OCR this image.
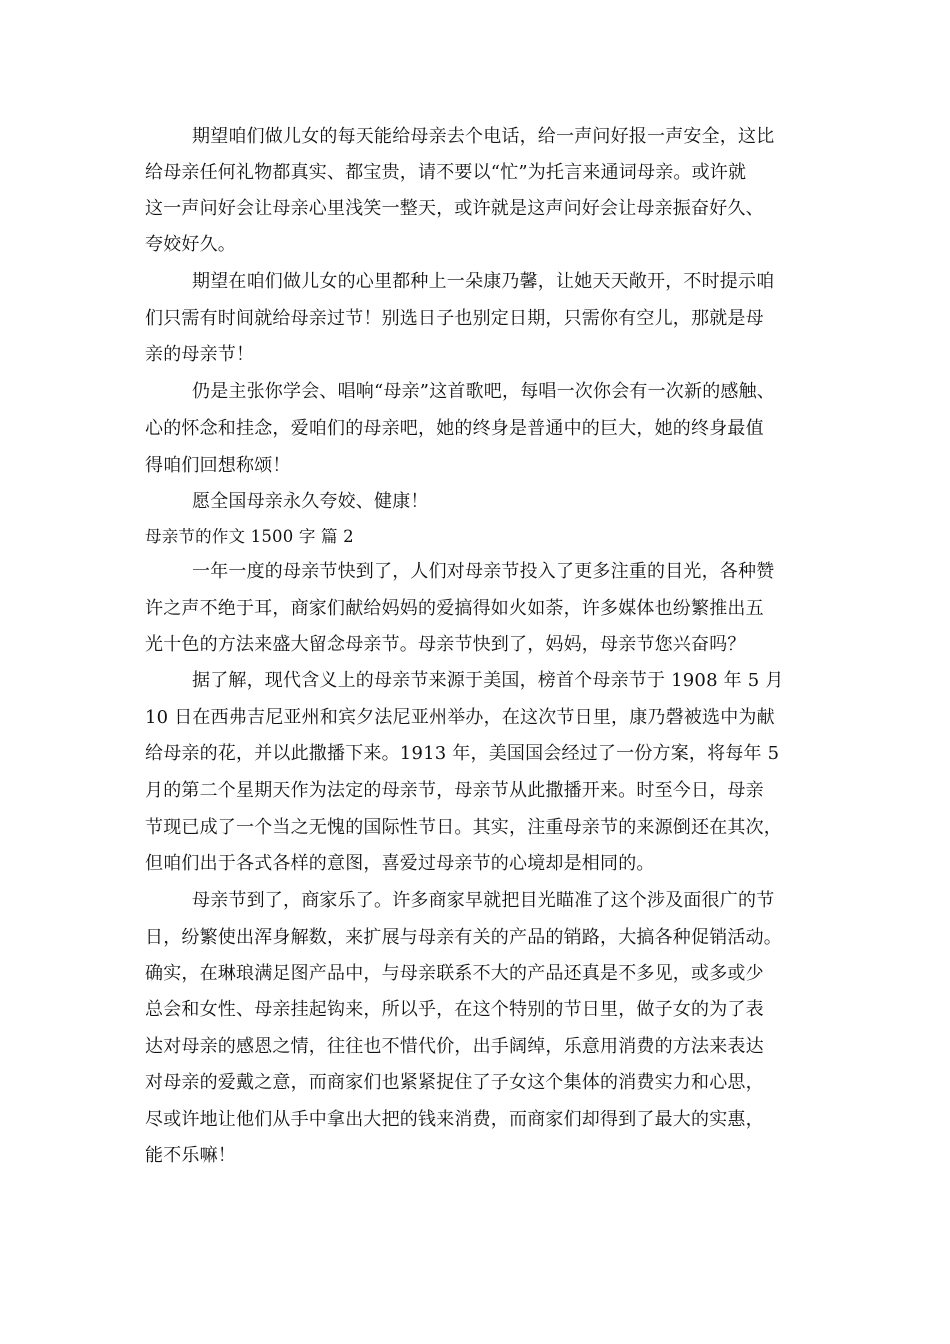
期望咱们做儿女的每天能给母亲去个电话，给一声问好报一声安全，这比
给母亲任何礼物都真实、都宝贵，请不要以“忙”为托言来通词母亲。或许就
这一声问好会让母亲心里浅笑一整天，或许就是这声问好会让母亲振奋好久、
夸姣好久。
期望在咱们做儿女的心里都种上一朵康乃馨，让她天天敞开，不时提示咱
们只需有时间就给母亲过节！别选日子也别定日期，只需你有空儿，那就是母
亲的母亲节！
仍是主张你学会、唱响“母亲”这首歌吧，每唱一次你会有一次新的感触、
心的怀念和挂念，爱咱们的母亲吧，她的终身是普通中的巨大，她的终身最值
得咱们回想称颂！
愿全国母亲永久夸姣、健康！
母亲节的作文 1500 字 篇 2
一年一度的母亲节快到了，人们对母亲节投入了更多注重的目光，各种赞
许之声不绝于耳，商家们献给妈妈的爱搞得如火如荼，许多媒体也纷繁推出五
光十色的方法来盛大留念母亲节。母亲节快到了，妈妈，母亲节您兴奋吗？
据了解，现代含义上的母亲节来源于美国，榜首个母亲节于 1908 年 5 月
10 日在西弗吉尼亚州和宾夕法尼亚州举办，在这次节日里，康乃磬被选中为献
给母亲的花，并以此撒播下来。1913 年，美国国会经过了一份方案，将每年 5
月的第二个星期天作为法定的母亲节，母亲节从此撒播开来。时至今日，母亲
节现已成了一个当之无愧的国际性节日。其实，注重母亲节的来源倒还在其次，
但咱们出于各式各样的意图，喜爱过母亲节的心境却是相同的。
母亲节到了，商家乐了。许多商家早就把目光瞄准了这个涉及面很广的节
日，纷繁使出浑身解数，来扩展与母亲有关的产品的销路，大搞各种促销活动。
确实，在琳琅满足图产品中，与母亲联系不大的产品还真是不多见，或多或少
总会和女性、母亲挂起钩来，所以乎，在这个特别的节日里，做子女的为了表
达对母亲的感恩之情，往往也不惜代价，出手阔绰，乐意用消费的方法来表达
对母亲的爱戴之意，而商家们也紧紧捉住了子女这个集体的消费实力和心思，
尽或许地让他们从手中拿出大把的钱来消费，而商家们却得到了最大的实惠，
能不乐嘛！
